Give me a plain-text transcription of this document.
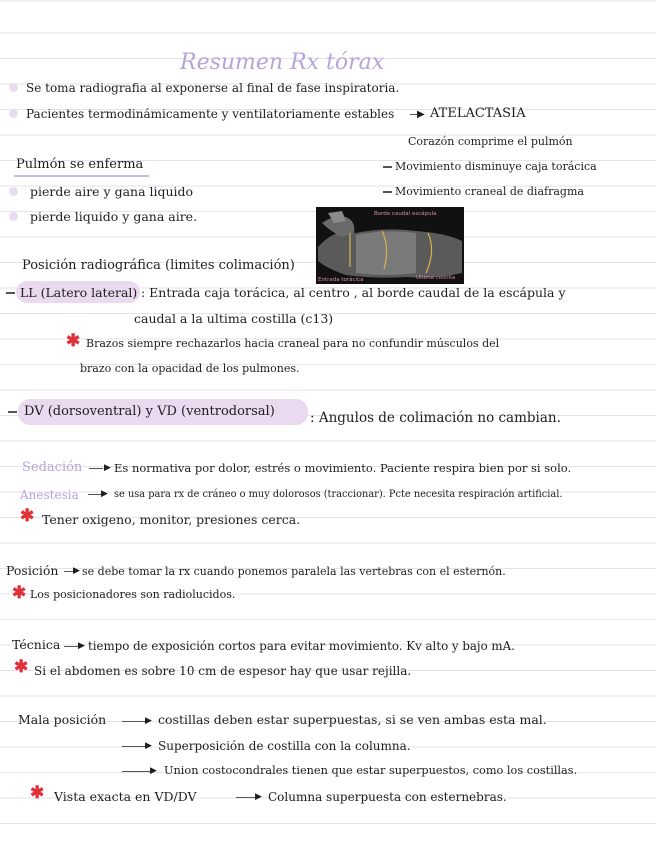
Resumen Rx tórax
Se toma radiografia al exponerse al final de fase inspiratoria.
Pacientes termodinámicamente y ventilatoriamente estables ▶ ATELACTASIA
Corazón comprime el pulmón
Movimiento disminuye caja torácica
Movimiento craneal de diafragma
Pulmón se enferma
pierde aire y gana liquido
pierde liquido y gana aire.	Borde caudal escápula
Ultima costilla
Entrada torácica
Posición radiográfica (limites colimación)
LL (Latero lateral) : Entrada caja torácica, al centro , al borde caudal de la escápula y
caudal a la ultima costilla (c13)
✱ Brazos siempre rechazarlos hacia craneal para no confundir músculos del
brazo con la opacidad de los pulmones.
DV (dorsoventral) y VD (ventrodorsal)	: Angulos de colimación no cambian.
Sedación ▶ Es normativa por dolor, estrés o movimiento. Paciente respira bien por si solo.
Anestesia ▶ se usa para rx de cráneo o muy dolorosos (traccionar). Pcte necesita respiración artificial.
✱ Tener oxigeno, monitor, presiones cerca.
Posición ▶ se debe tomar la rx cuando ponemos paralela las vertebras con el esternón.
✱ Los posicionadores son radiolucidos.
Técnica ▶ tiempo de exposición cortos para evitar movimiento. Kv alto y bajo mA.
✱ Si el abdomen es sobre 10 cm de espesor hay que usar rejilla.
Mala posición	▶ costillas deben estar superpuestas, si se ven ambas esta mal.
▶ Superposición de costilla con la columna.
▶ Union costocondrales tienen que estar superpuestos, como los costillas.
✱ Vista exacta en VD/DV	▶ Columna superpuesta con esternebras.
